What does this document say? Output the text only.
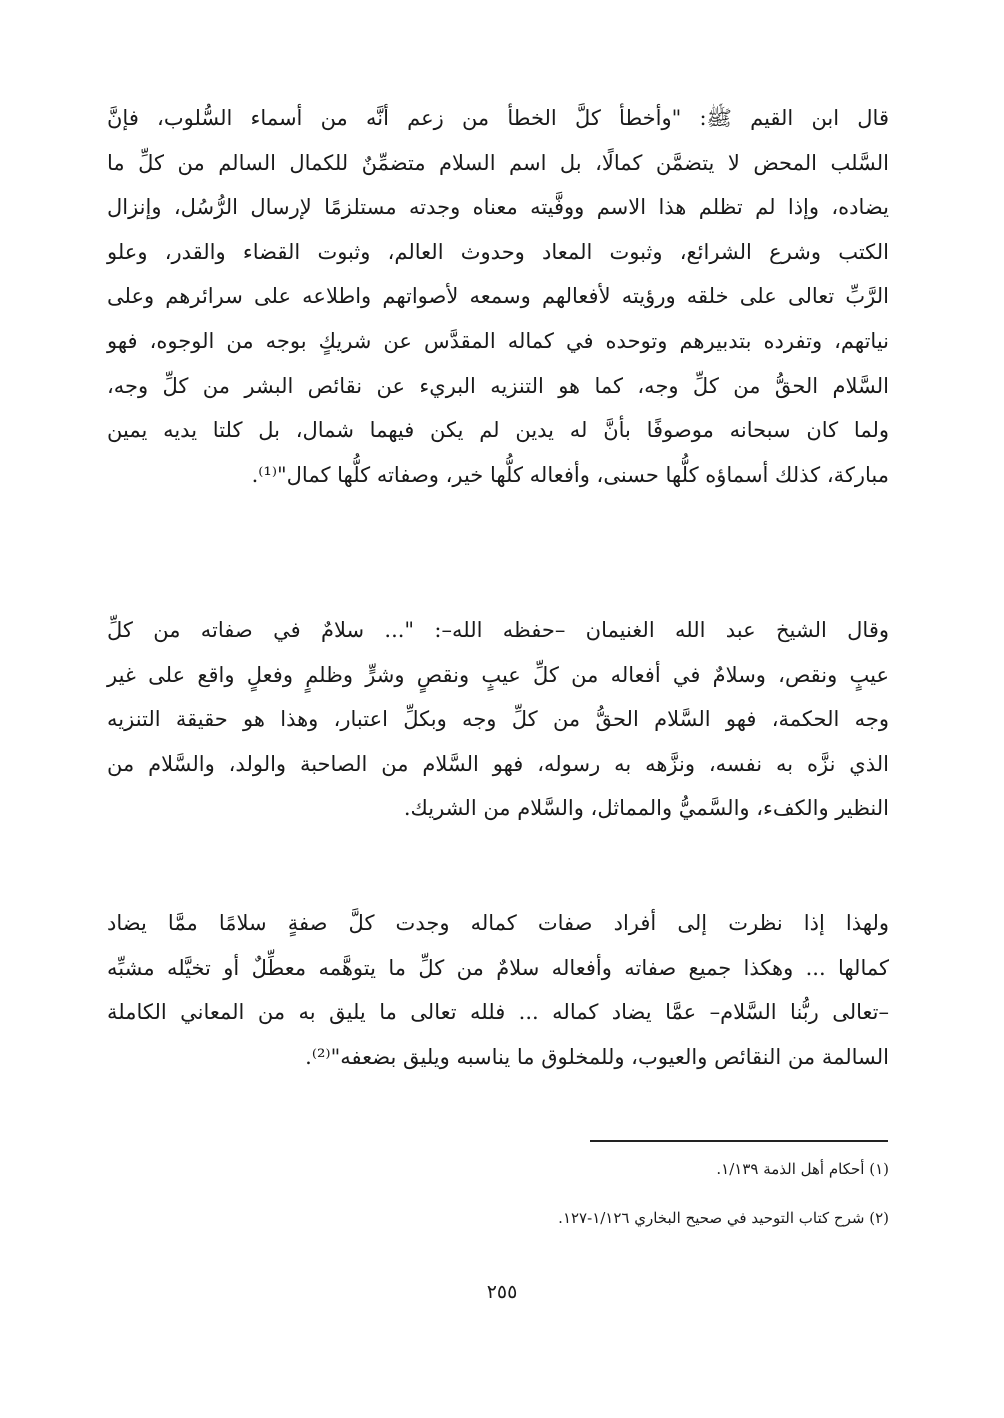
قال ابن القيم ﷺ: "وأخطأ كلَّ الخطأ من زعم أنَّه من أسماء السُّلوب، فإنَّ
السَّلب المحض لا يتضمَّن كمالًا، بل اسم السلام متضمِّنٌ للكمال السالم من كلِّ ما
يضاده، وإذا لم تظلم هذا الاسم ووفَّيته معناه وجدته مستلزمًا لإرسال الرُّسُل، وإنزال
الكتب وشرع الشرائع، وثبوت المعاد وحدوث العالم، وثبوت القضاء والقدر، وعلو
الرَّبِّ تعالى على خلقه ورؤيته لأفعالهم وسمعه لأصواتهم واطلاعه على سرائرهم وعلى
نياتهم، وتفرده بتدبيرهم وتوحده في كماله المقدَّس عن شريكٍ بوجه من الوجوه، فهو
السَّلام الحقُّ من كلِّ وجه، كما هو التنزيه البريء عن نقائص البشر من كلِّ وجه،
ولما كان سبحانه موصوفًا بأنَّ له يدين لم يكن فيهما شمال، بل كلتا يديه يمين
مباركة، كذلك أسماؤه كلُّها حسنى، وأفعاله كلُّها خير، وصفاته كلُّها كمال"⁽¹⁾.
وقال الشيخ عبد الله الغنيمان –حفظه الله–: "... سلامٌ في صفاته من كلِّ
عيبٍ ونقص، وسلامٌ في أفعاله من كلِّ عيبٍ ونقصٍ وشرٍّ وظلمٍ وفعلٍ واقع على غير
وجه الحكمة، فهو السَّلام الحقُّ من كلِّ وجه وبكلِّ اعتبار، وهذا هو حقيقة التنزيه
الذي نزَّه به نفسه، ونزَّهه به رسوله، فهو السَّلام من الصاحبة والولد، والسَّلام من
النظير والكفء، والسَّميُّ والمماثل، والسَّلام من الشريك.
ولهذا إذا نظرت إلى أفراد صفات كماله وجدت كلَّ صفةٍ سلامًا ممَّا يضاد
كمالها ... وهكذا جميع صفاته وأفعاله سلامٌ من كلِّ ما يتوهَّمه معطِّلٌ أو تخيَّله مشبِّه
–تعالى ربُّنا السَّلام– عمَّا يضاد كماله ... فلله تعالى ما يليق به من المعاني الكاملة
السالمة من النقائص والعيوب، وللمخلوق ما يناسبه ويليق بضعفه"⁽²⁾.
(١) أحكام أهل الذمة ١/١٣٩.
(٢) شرح كتاب التوحيد في صحيح البخاري ١/١٢٦-١٢٧.
٢٥٥
